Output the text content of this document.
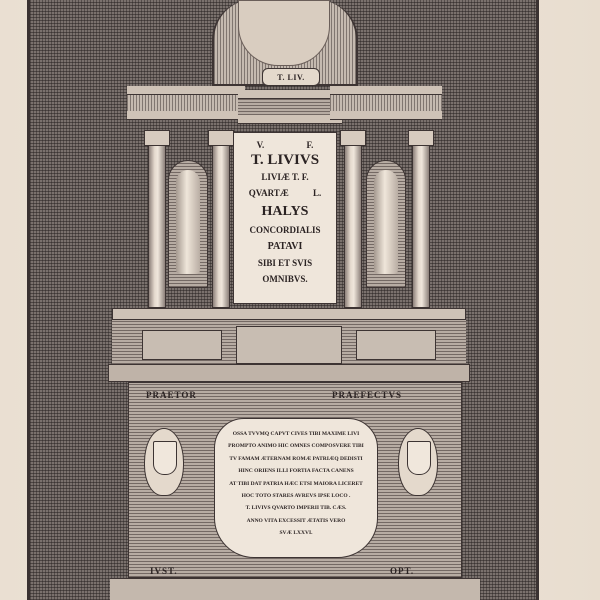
T. LIV.
V. F.
T. LIVIVS
LIVIÆ T. F.
QVARTÆ L.
HALYS
CONCORDIALIS
PATAVI
SIBI ET SVIS
OMNIBVS.
PRAETOR	PRAEFECTVS
IVST.	OPT.
OSSA TVVMQ CAPVT CIVES TIBI MAXIME LIVI
PROMPTO ANIMO HIC OMNES COMPOSVERE TIBI
TV FAMAM ÆTERNAM ROMÆ PATRIÆQ DEDISTI
HINC ORIENS ILLI FORTIA FACTA CANENS
AT TIBI DAT PATRIA HÆC ETSI MAIORA LICERET
HOC TOTO STARES AVREVS IPSE LOCO .
T. LIVIVS QVARTO IMPERII TIB. CÆS.
ANNO VITA EXCESSIT ÆTATIS VERO
SVÆ LXXVI.
